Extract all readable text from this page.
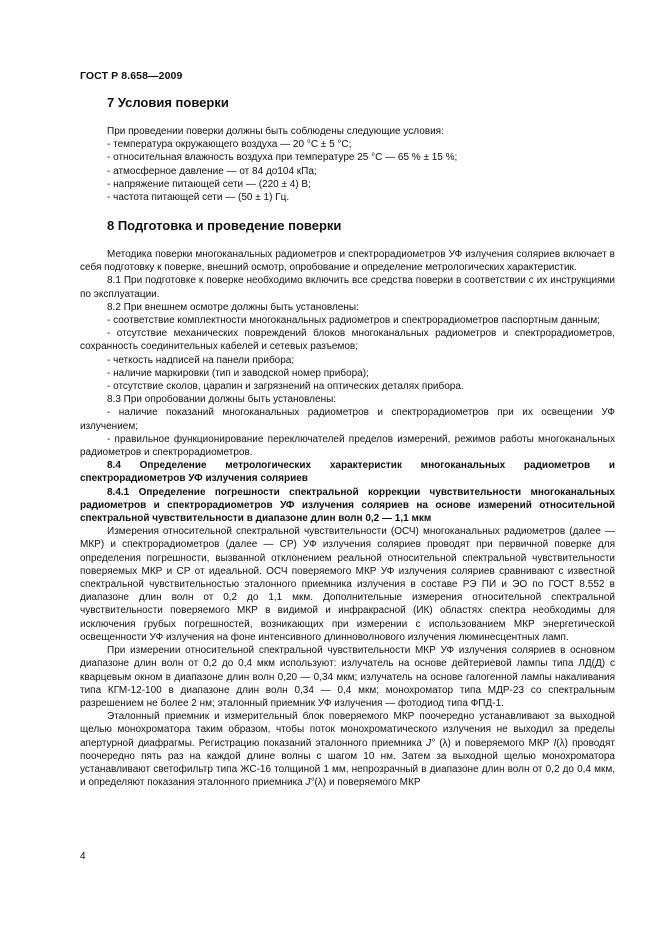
ГОСТ Р 8.658—2009
7 Условия поверки

При проведении поверки должны быть соблюдены следующие условия:

- температура окружающего воздуха — 20 °С ± 5 °С;

- относительная влажность воздуха при температуре 25 °С — 65 % ± 15 %;

- атмосферное давление — от 84 до104 кПа;

- напряжение питающей сети — (220 ± 4) В;

- частота питающей сети — (50 ± 1) Гц.

8 Подготовка и проведение поверки

Методика поверки многоканальных радиометров и спектрорадиометров УФ излучения соляриев включает в себя подготовку к поверке, внешний осмотр, опробование и определение метрологических характеристик.

8.1 При подготовке к поверке необходимо включить все средства поверки в соответствии с их инструкциями по эксплуатации.

8.2 При внешнем осмотре должны быть установлены:

- соответствие комплектности многоканальных радиометров и спектрорадиометров паспортным данным;

- отсутствие механических повреждений блоков многоканальных радиометров и спектрорадиометров, сохранность соединительных кабелей и сетевых разъемов;

- четкость надписей на панели прибора;

- наличие маркировки (тип и заводской номер прибора);

- отсутствие сколов, царапин и загрязнений на оптических деталях прибора.

8.3 При опробовании должны быть установлены:

- наличие показаний многоканальных радиометров и спектрорадиометров при их освещении УФ излучением;

- правильное функционирование переключателей пределов измерений, режимов работы многоканальных радиометров и спектрорадиометров.

8.4 Определение метрологических характеристик многоканальных радиометров и спектрорадиометров УФ излучения соляриев

8.4.1 Определение погрешности спектральной коррекции чувствительности многоканальных радиометров и спектрорадиометров УФ излучения соляриев на основе измерений относительной спектральной чувствительности в диапазоне длин волн 0,2 — 1,1 мкм

Измерения относительной спектральной чувствительности (ОСЧ) многоканальных радиометров (далее — МКР) и спектрорадиометров (далее — СР) УФ излучения соляриев проводят при первичной поверке для определения погрешности, вызванной отклонением реальной относительной спектральной чувствительности поверяемых МКР и СР от идеальной. ОСЧ поверяемого МКР УФ излучения соляриев сравнивают с известной спектральной чувствительностью эталонного приемника излучения в составе РЭ ПИ и ЭО по ГОСТ 8.552 в диапазоне длин волн от 0,2 до 1,1 мкм. Дополнительные измерения относительной спектральной чувствительности поверяемого МКР в видимой и инфракрасной (ИК) областях спектра необходимы для исключения грубых погрешностей, возникающих при измерении с использованием МКР энергетической освещенности УФ излучения на фоне интенсивного длинноволнового излучения люминесцентных ламп.

При измерении относительной спектральной чувствительности МКР УФ излучения соляриев в основном диапазоне длин волн от 0,2 до 0,4 мкм используют: излучатель на основе дейтериевой лампы типа ЛД(Д) с кварцевым окном в диапазоне длин волн 0,20 — 0,34 мкм; излучатель на основе галогенной лампы накаливания типа КГМ-12-100 в диапазоне длин волн 0,34 — 0,4 мкм; монохроматор типа МДР-23 со спектральным разрешением не более 2 нм; эталонный приемник УФ излучения — фотодиод типа ФПД-1.

Эталонный приемник и измерительный блок поверяемого МКР поочередно устанавливают за выходной щелью монохроматора таким образом, чтобы поток монохроматического излучения не выходил за пределы апертурной диафрагмы. Регистрацию показаний эталонного приемника J° (λ) и поверяемого МКР I(λ) проводят поочередно пять раз на каждой длине волны с шагом 10 нм. Затем за выходной щелью монохроматора устанавливают светофильтр типа ЖС-16 толщиной 1 мм, непрозрачный в диапазоне длин волн от 0,2 до 0,4 мкм, и определяют показания эталонного приемника J°(λ) и поверяемого МКР

4
